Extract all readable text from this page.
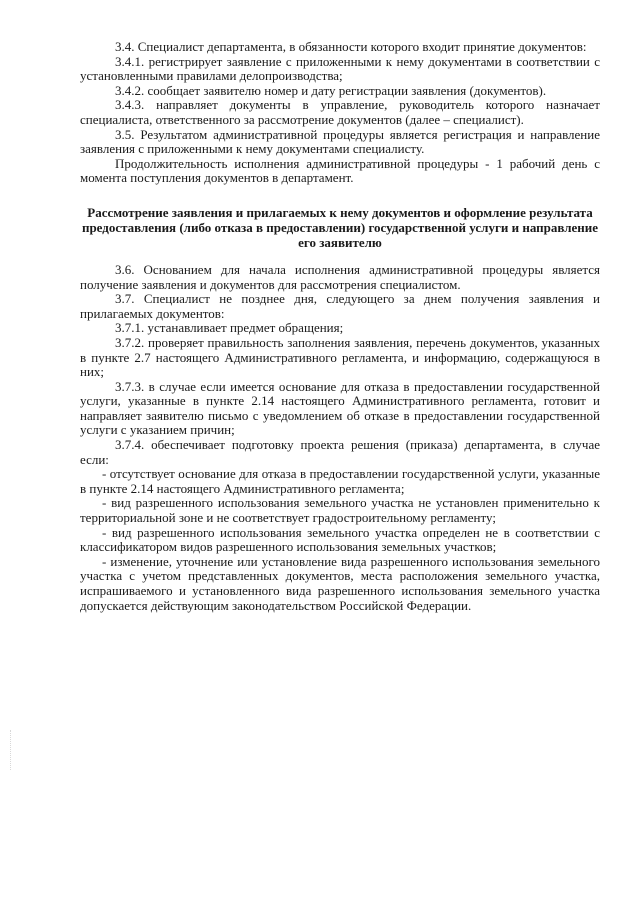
3.4. Специалист департамента, в обязанности которого входит принятие документов:

3.4.1. регистрирует заявление с приложенными к нему документами в соответствии с установленными правилами делопроизводства;

3.4.2. сообщает заявителю номер и дату регистрации заявления (документов).

3.4.3. направляет документы в управление, руководитель которого назначает специалиста, ответственного за рассмотрение документов (далее – специалист).

3.5. Результатом административной процедуры является регистрация и направление заявления с приложенными к нему документами специалисту.

Продолжительность исполнения административной процедуры - 1 рабочий день с момента поступления документов в департамент.

Рассмотрение заявления и прилагаемых к нему документов и оформление результата предоставления (либо отказа в предоставлении) государственной услуги и направление его заявителю

3.6. Основанием для начала исполнения административной процедуры является получение заявления и документов для рассмотрения специалистом.

3.7. Специалист не позднее дня, следующего за днем получения заявления и прилагаемых документов:

3.7.1. устанавливает предмет обращения;

3.7.2. проверяет правильность заполнения заявления, перечень документов, указанных в пункте 2.7 настоящего Административного регламента, и информацию, содержащуюся в них;

3.7.3. в случае если имеется основание для отказа в предоставлении государственной услуги, указанные в пункте 2.14 настоящего Административного регламента, готовит и направляет заявителю письмо с уведомлением об отказе в предоставлении государственной услуги с указанием причин;

3.7.4. обеспечивает подготовку проекта решения (приказа) департамента, в случае если:

- отсутствует основание для отказа в предоставлении государственной услуги, указанные в пункте 2.14 настоящего Административного регламента;

- вид разрешенного использования земельного участка не установлен применительно к территориальной зоне и не соответствует градостроительному регламенту;

- вид разрешенного использования земельного участка определен не в соответствии с классификатором видов разрешенного использования земельных участков;

- изменение, уточнение или установление вида разрешенного использования земельного участка с учетом представленных документов, места расположения земельного участка, испрашиваемого и установленного вида разрешенного использования земельного участка допускается действующим законодательством Российской Федерации.
